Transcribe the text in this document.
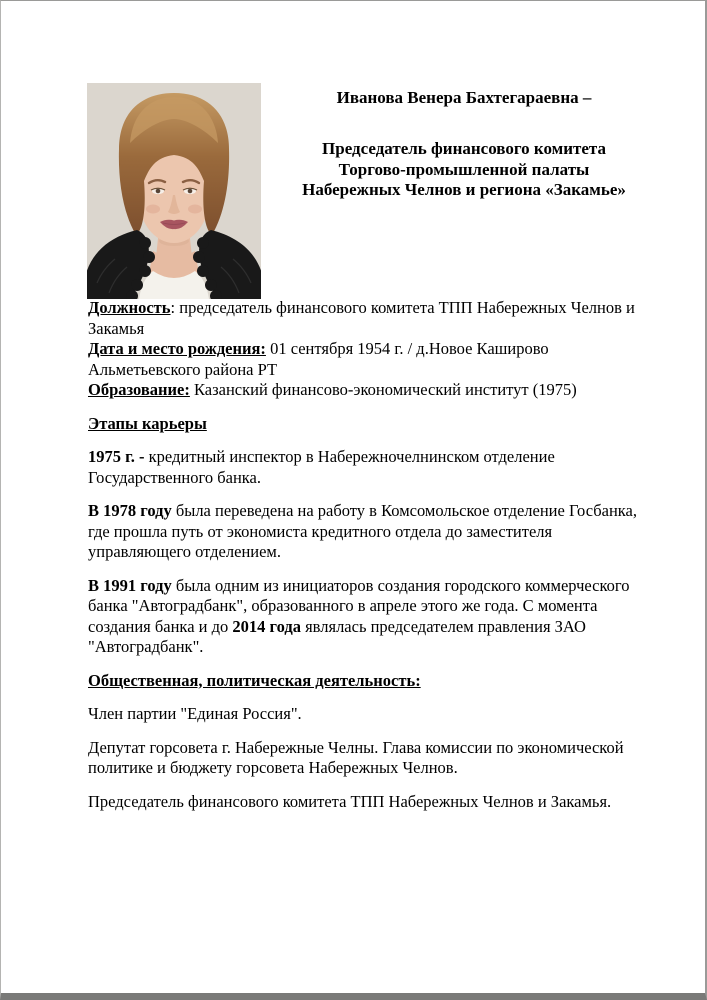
Иванова Венера Бахтегараевна –
Председатель финансового комитета
Торгово-промышленной палаты
Набережных Челнов и региона «Закамье»

Должность: председатель финансового комитета ТПП Набережных Челнов и Закамья
Дата и место рождения: 01 сентября 1954 г. / д.Новое Каширово Альметьевского района РТ
Образование: Казанский финансово-экономический институт (1975)

Этапы карьеры

1975 г. - кредитный инспектор в Набережночелнинском отделение Государственного банка.

В 1978 году была переведена на работу в Комсомольское отделение Госбанка, где прошла путь от экономиста кредитного отдела до заместителя управляющего отделением.

В 1991 году была одним из инициаторов создания городского коммерческого банка "Автоградбанк", образованного в апреле этого же года. С момента создания банка и до 2014 года являлась председателем правления ЗАО "Автоградбанк".

Общественная, политическая деятельность:

Член партии "Единая Россия".

Депутат горсовета г. Набережные Челны. Глава комиссии по экономической политике и бюджету горсовета Набережных Челнов.

Председатель финансового комитета ТПП Набережных Челнов и Закамья.
